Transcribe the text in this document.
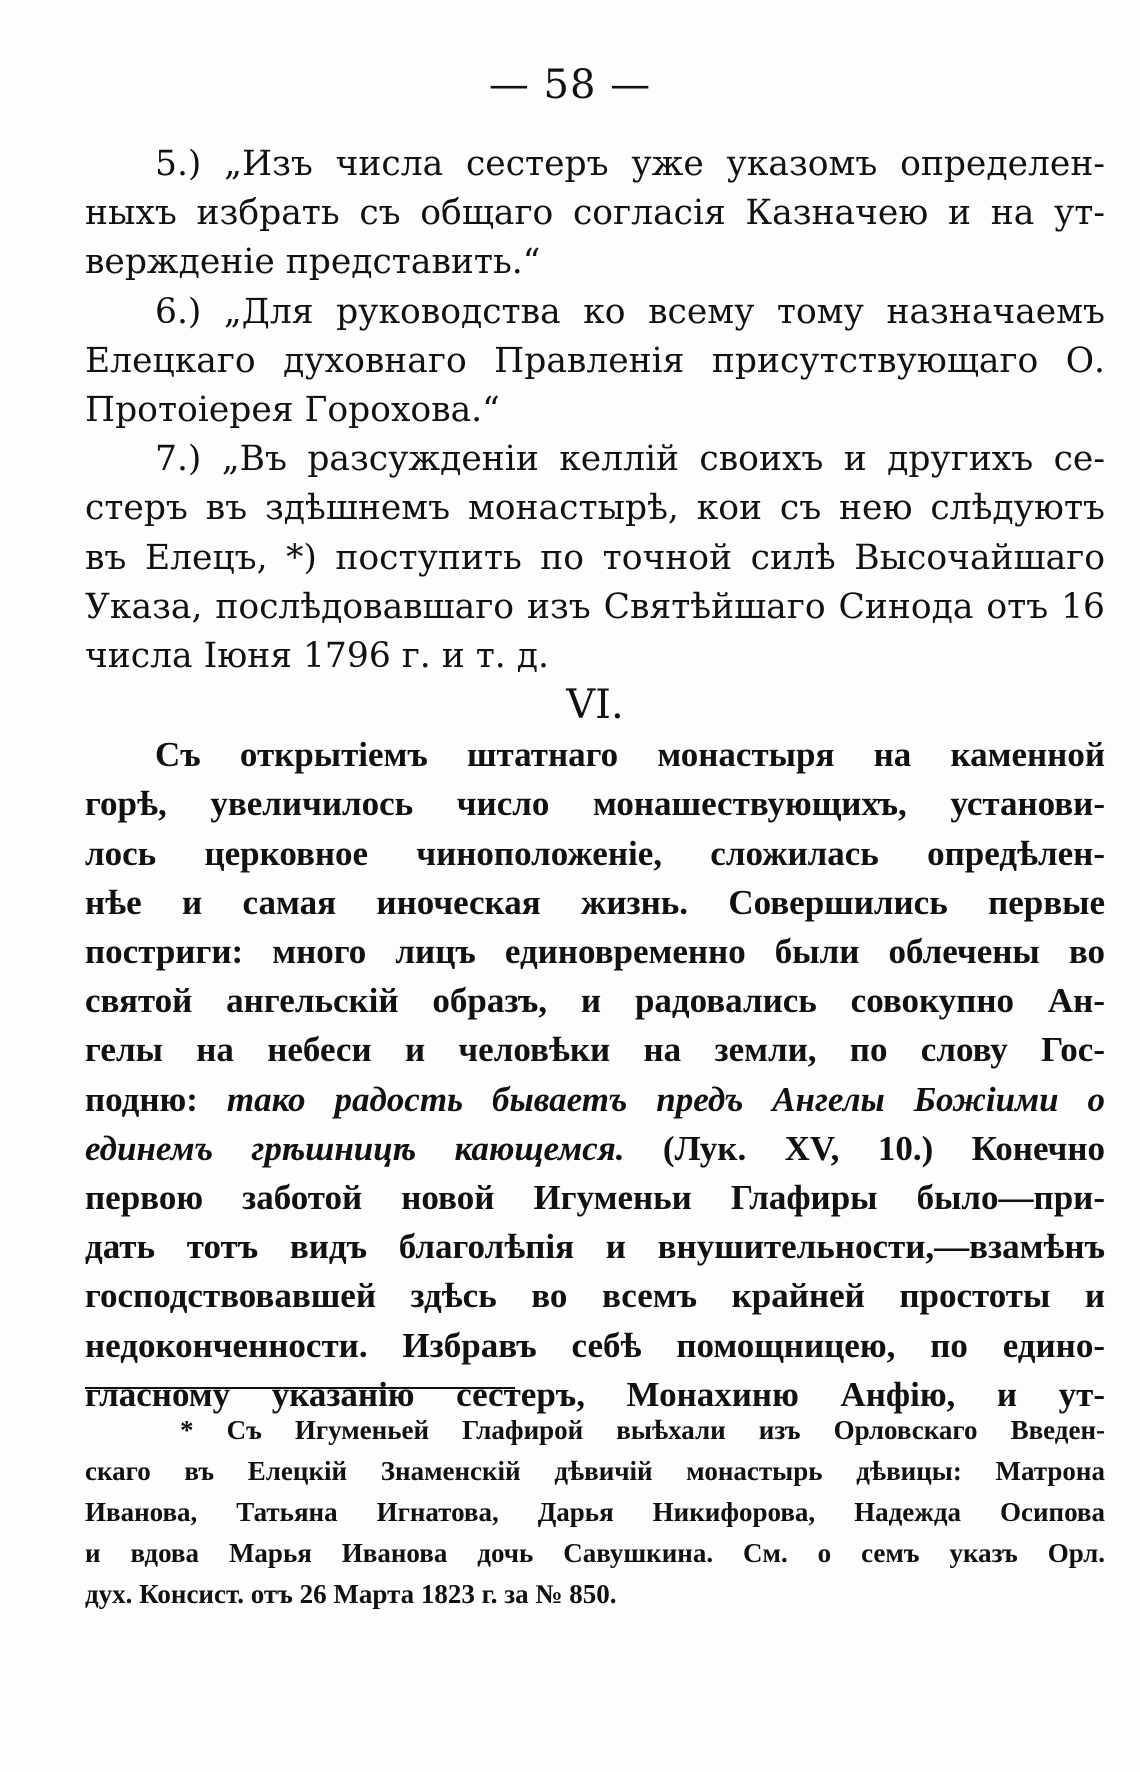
— 58 —
5.) „Изъ числа сестеръ уже указомъ определен-
ныхъ избрать съ общаго согласія Казначею и на ут-
вержденіе представить.“
6.) „Для руководства ко всему тому назначаемъ
Елецкаго духовнаго Правленія присутствующаго О.
Протоіерея Горохова.“
7.) „Въ разсужденіи келлій своихъ и другихъ се-
стеръ въ здѣшнемъ монастырѣ, кои съ нею слѣдуютъ
въ Елецъ, *) поступить по точной силѣ Высочайшаго
Указа, послѣдовавшаго изъ Святѣйшаго Синода отъ 16
числа Іюня 1796 г. и т. д.
VI.
Съ открытіемъ штатнаго монастыря на каменной
горѣ, увеличилось число монашествующихъ, установи-
лось церковное чиноположеніе, сложилась опредѣлен-
нѣе и самая иноческая жизнь. Совершились первые
постриги: много лицъ единовременно были облечены во
святой ангельскій образъ, и радовались совокупно Ан-
гелы на небеси и человѣки на земли, по слову Гос-
подню: тако радость бываетъ предъ Ангелы Божіими о
единемъ грѣшницѣ кающемся. (Лук. XV, 10.) Конечно
первою заботой новой Игуменьи Глафиры было—при-
дать тотъ видъ благолѣпія и внушительности,—взамѣнъ
господствовавшей здѣсь во всемъ крайней простоты и
недоконченности. Избравъ себѣ помощницею, по едино-
гласному указанію сестеръ, Монахиню Анфію, и ут-
* Съ Игуменьей Глафирой выѣхали изъ Орловскаго Введен-
скаго въ Елецкій Знаменскій дѣвичій монастырь дѣвицы: Матрона
Иванова, Татьяна Игнатова, Дарья Никифорова, Надежда Осипова
и вдова Марья Иванова дочь Савушкина. См. о семъ указъ Орл.
дух. Консист. отъ 26 Марта 1823 г. за № 850.
